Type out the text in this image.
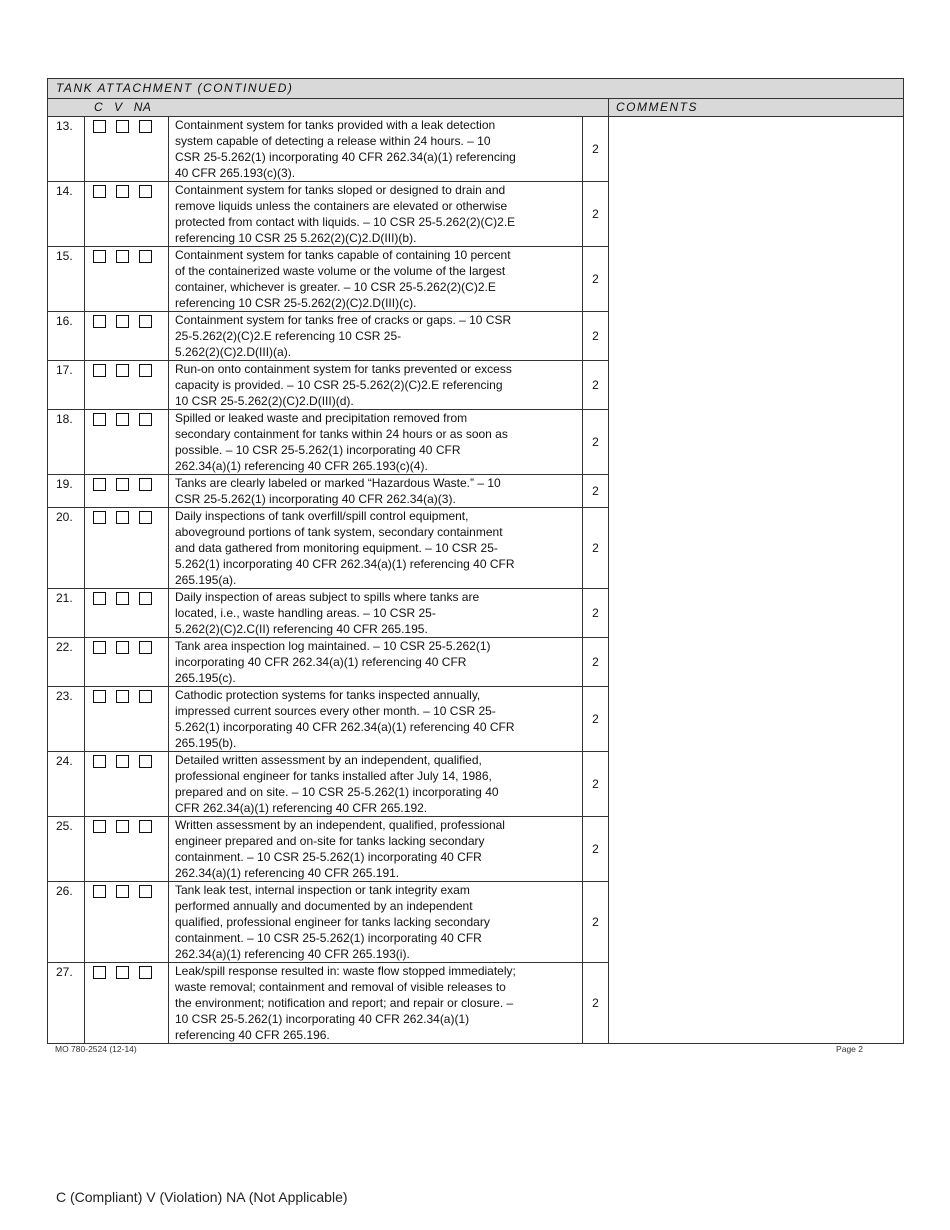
TANK ATTACHMENT (CONTINUED)				
C V NA				COMMENTS
13.		Containment system for tanks provided with a leak detection
system capable of detecting a release within 24 hours. – 10
CSR 25-5.262(1) incorporating 40 CFR 262.34(a)(1) referencing
40 CFR 265.193(c)(3).	2	
14.		Containment system for tanks sloped or designed to drain and
remove liquids unless the containers are elevated or otherwise
protected from contact with liquids. – 10 CSR 25-5.262(2)(C)2.E
referencing 10 CSR 25 5.262(2)(C)2.D(III)(b).	2	
15.		Containment system for tanks capable of containing 10 percent
of the containerized waste volume or the volume of the largest
container, whichever is greater. – 10 CSR 25-5.262(2)(C)2.E
referencing 10 CSR 25-5.262(2)(C)2.D(III)(c).	2	
16.		Containment system for tanks free of cracks or gaps. – 10 CSR
25-5.262(2)(C)2.E referencing 10 CSR 25-
5.262(2)(C)2.D(III)(a).	2	
17.		Run-on onto containment system for tanks prevented or excess
capacity is provided. – 10 CSR 25-5.262(2)(C)2.E referencing
10 CSR 25-5.262(2)(C)2.D(III)(d).	2	
18.		Spilled or leaked waste and precipitation removed from
secondary containment for tanks within 24 hours or as soon as
possible. – 10 CSR 25-5.262(1) incorporating 40 CFR
262.34(a)(1) referencing 40 CFR 265.193(c)(4).	2	
19.		Tanks are clearly labeled or marked “Hazardous Waste.” – 10
CSR 25-5.262(1) incorporating 40 CFR 262.34(a)(3).	2	
20.		Daily inspections of tank overfill/spill control equipment,
aboveground portions of tank system, secondary containment
and data gathered from monitoring equipment. – 10 CSR 25-
5.262(1) incorporating 40 CFR 262.34(a)(1) referencing 40 CFR
265.195(a).	2	
21.		Daily inspection of areas subject to spills where tanks are
located, i.e., waste handling areas. – 10 CSR 25-
5.262(2)(C)2.C(II) referencing 40 CFR 265.195.	2	
22.		Tank area inspection log maintained. – 10 CSR 25-5.262(1)
incorporating 40 CFR 262.34(a)(1) referencing 40 CFR
265.195(c).	2	
23.		Cathodic protection systems for tanks inspected annually,
impressed current sources every other month. – 10 CSR 25-
5.262(1) incorporating 40 CFR 262.34(a)(1) referencing 40 CFR
265.195(b).	2	
24.		Detailed written assessment by an independent, qualified,
professional engineer for tanks installed after July 14, 1986,
prepared and on site. – 10 CSR 25-5.262(1) incorporating 40
CFR 262.34(a)(1) referencing 40 CFR 265.192.	2	
25.		Written assessment by an independent, qualified, professional
engineer prepared and on-site for tanks lacking secondary
containment. – 10 CSR 25-5.262(1) incorporating 40 CFR
262.34(a)(1) referencing 40 CFR 265.191.	2	
26.		Tank leak test, internal inspection or tank integrity exam
performed annually and documented by an independent
qualified, professional engineer for tanks lacking secondary
containment. – 10 CSR 25-5.262(1) incorporating 40 CFR
262.34(a)(1) referencing 40 CFR 265.193(i).	2	
27.		Leak/spill response resulted in: waste flow stopped immediately;
waste removal; containment and removal of visible releases to
the environment; notification and report; and repair or closure. –
10 CSR 25-5.262(1) incorporating 40 CFR 262.34(a)(1)
referencing 40 CFR 265.196.	2	
MO 780-2524 (12-14)	Page 2
C (Compliant) V (Violation) NA (Not Applicable)
